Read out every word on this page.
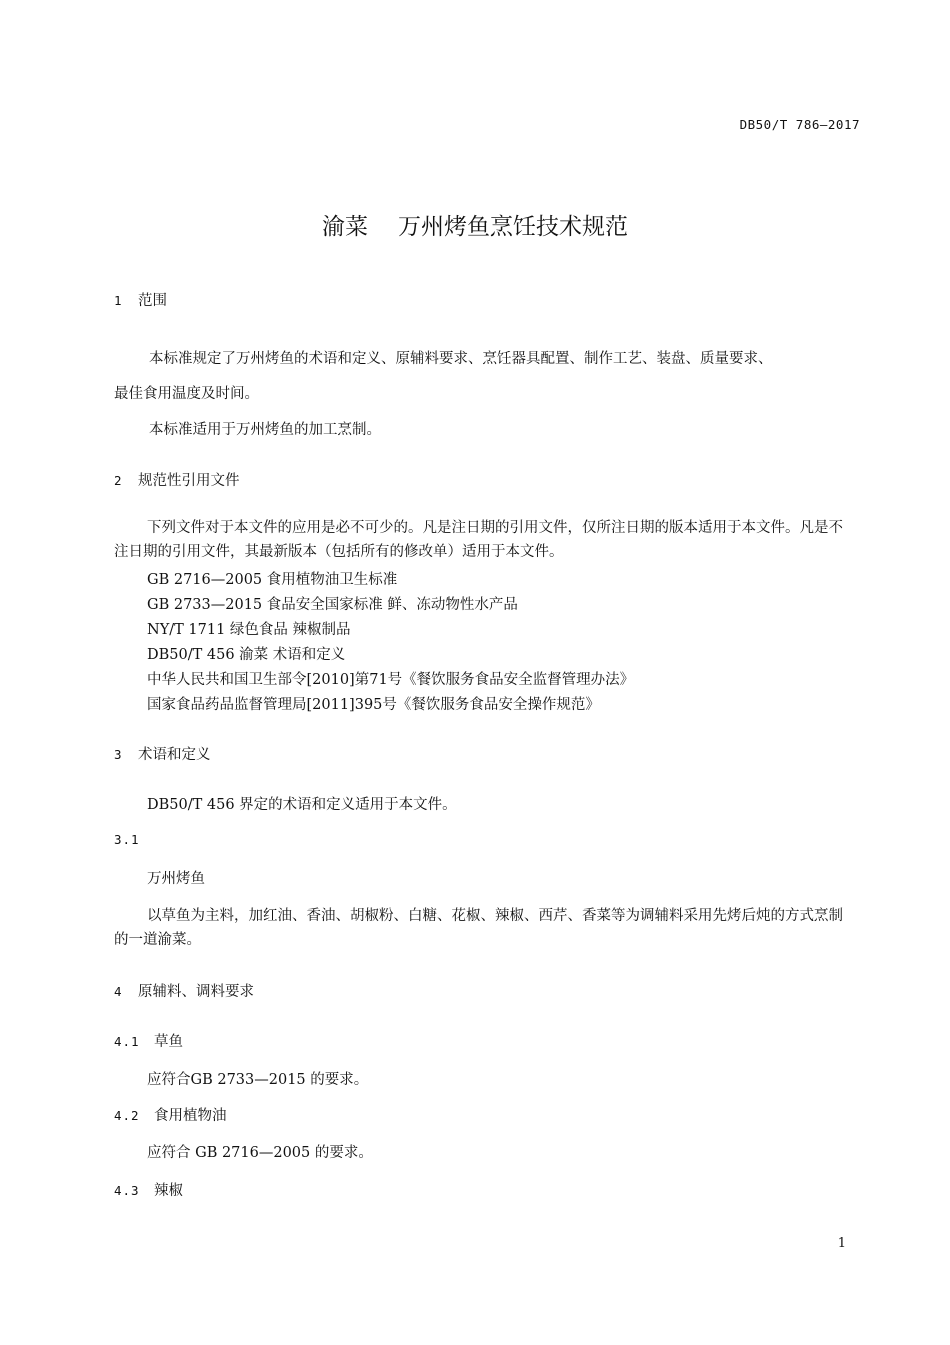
DB50/T 786—2017
渝菜 万州烤鱼烹饪技术规范
1 范围
本标准规定了万州烤鱼的术语和定义、原辅料要求、烹饪器具配置、制作工艺、装盘、质量要求、
最佳食用温度及时间。
本标准适用于万州烤鱼的加工烹制。
2 规范性引用文件
下列文件对于本文件的应用是必不可少的。凡是注日期的引用文件，仅所注日期的版本适用于本文件。凡是不注日期的引用文件，其最新版本（包括所有的修改单）适用于本文件。
GB 2716—2005 食用植物油卫生标准
GB 2733—2015 食品安全国家标准 鲜、冻动物性水产品
NY/T 1711 绿色食品 辣椒制品
DB50/T 456 渝菜 术语和定义
中华人民共和国卫生部令[2010]第71号《餐饮服务食品安全监督管理办法》
国家食品药品监督管理局[2011]395号《餐饮服务食品安全操作规范》
3 术语和定义
DB50/T 456 界定的术语和定义适用于本文件。
3.1
万州烤鱼
以草鱼为主料，加红油、香油、胡椒粉、白糖、花椒、辣椒、西芹、香菜等为调辅料采用先烤后炖的方式烹制的一道渝菜。
4 原辅料、调料要求
4.1 草鱼
应符合GB 2733—2015 的要求。
4.2 食用植物油
应符合 GB 2716—2005 的要求。
4.3 辣椒
1
